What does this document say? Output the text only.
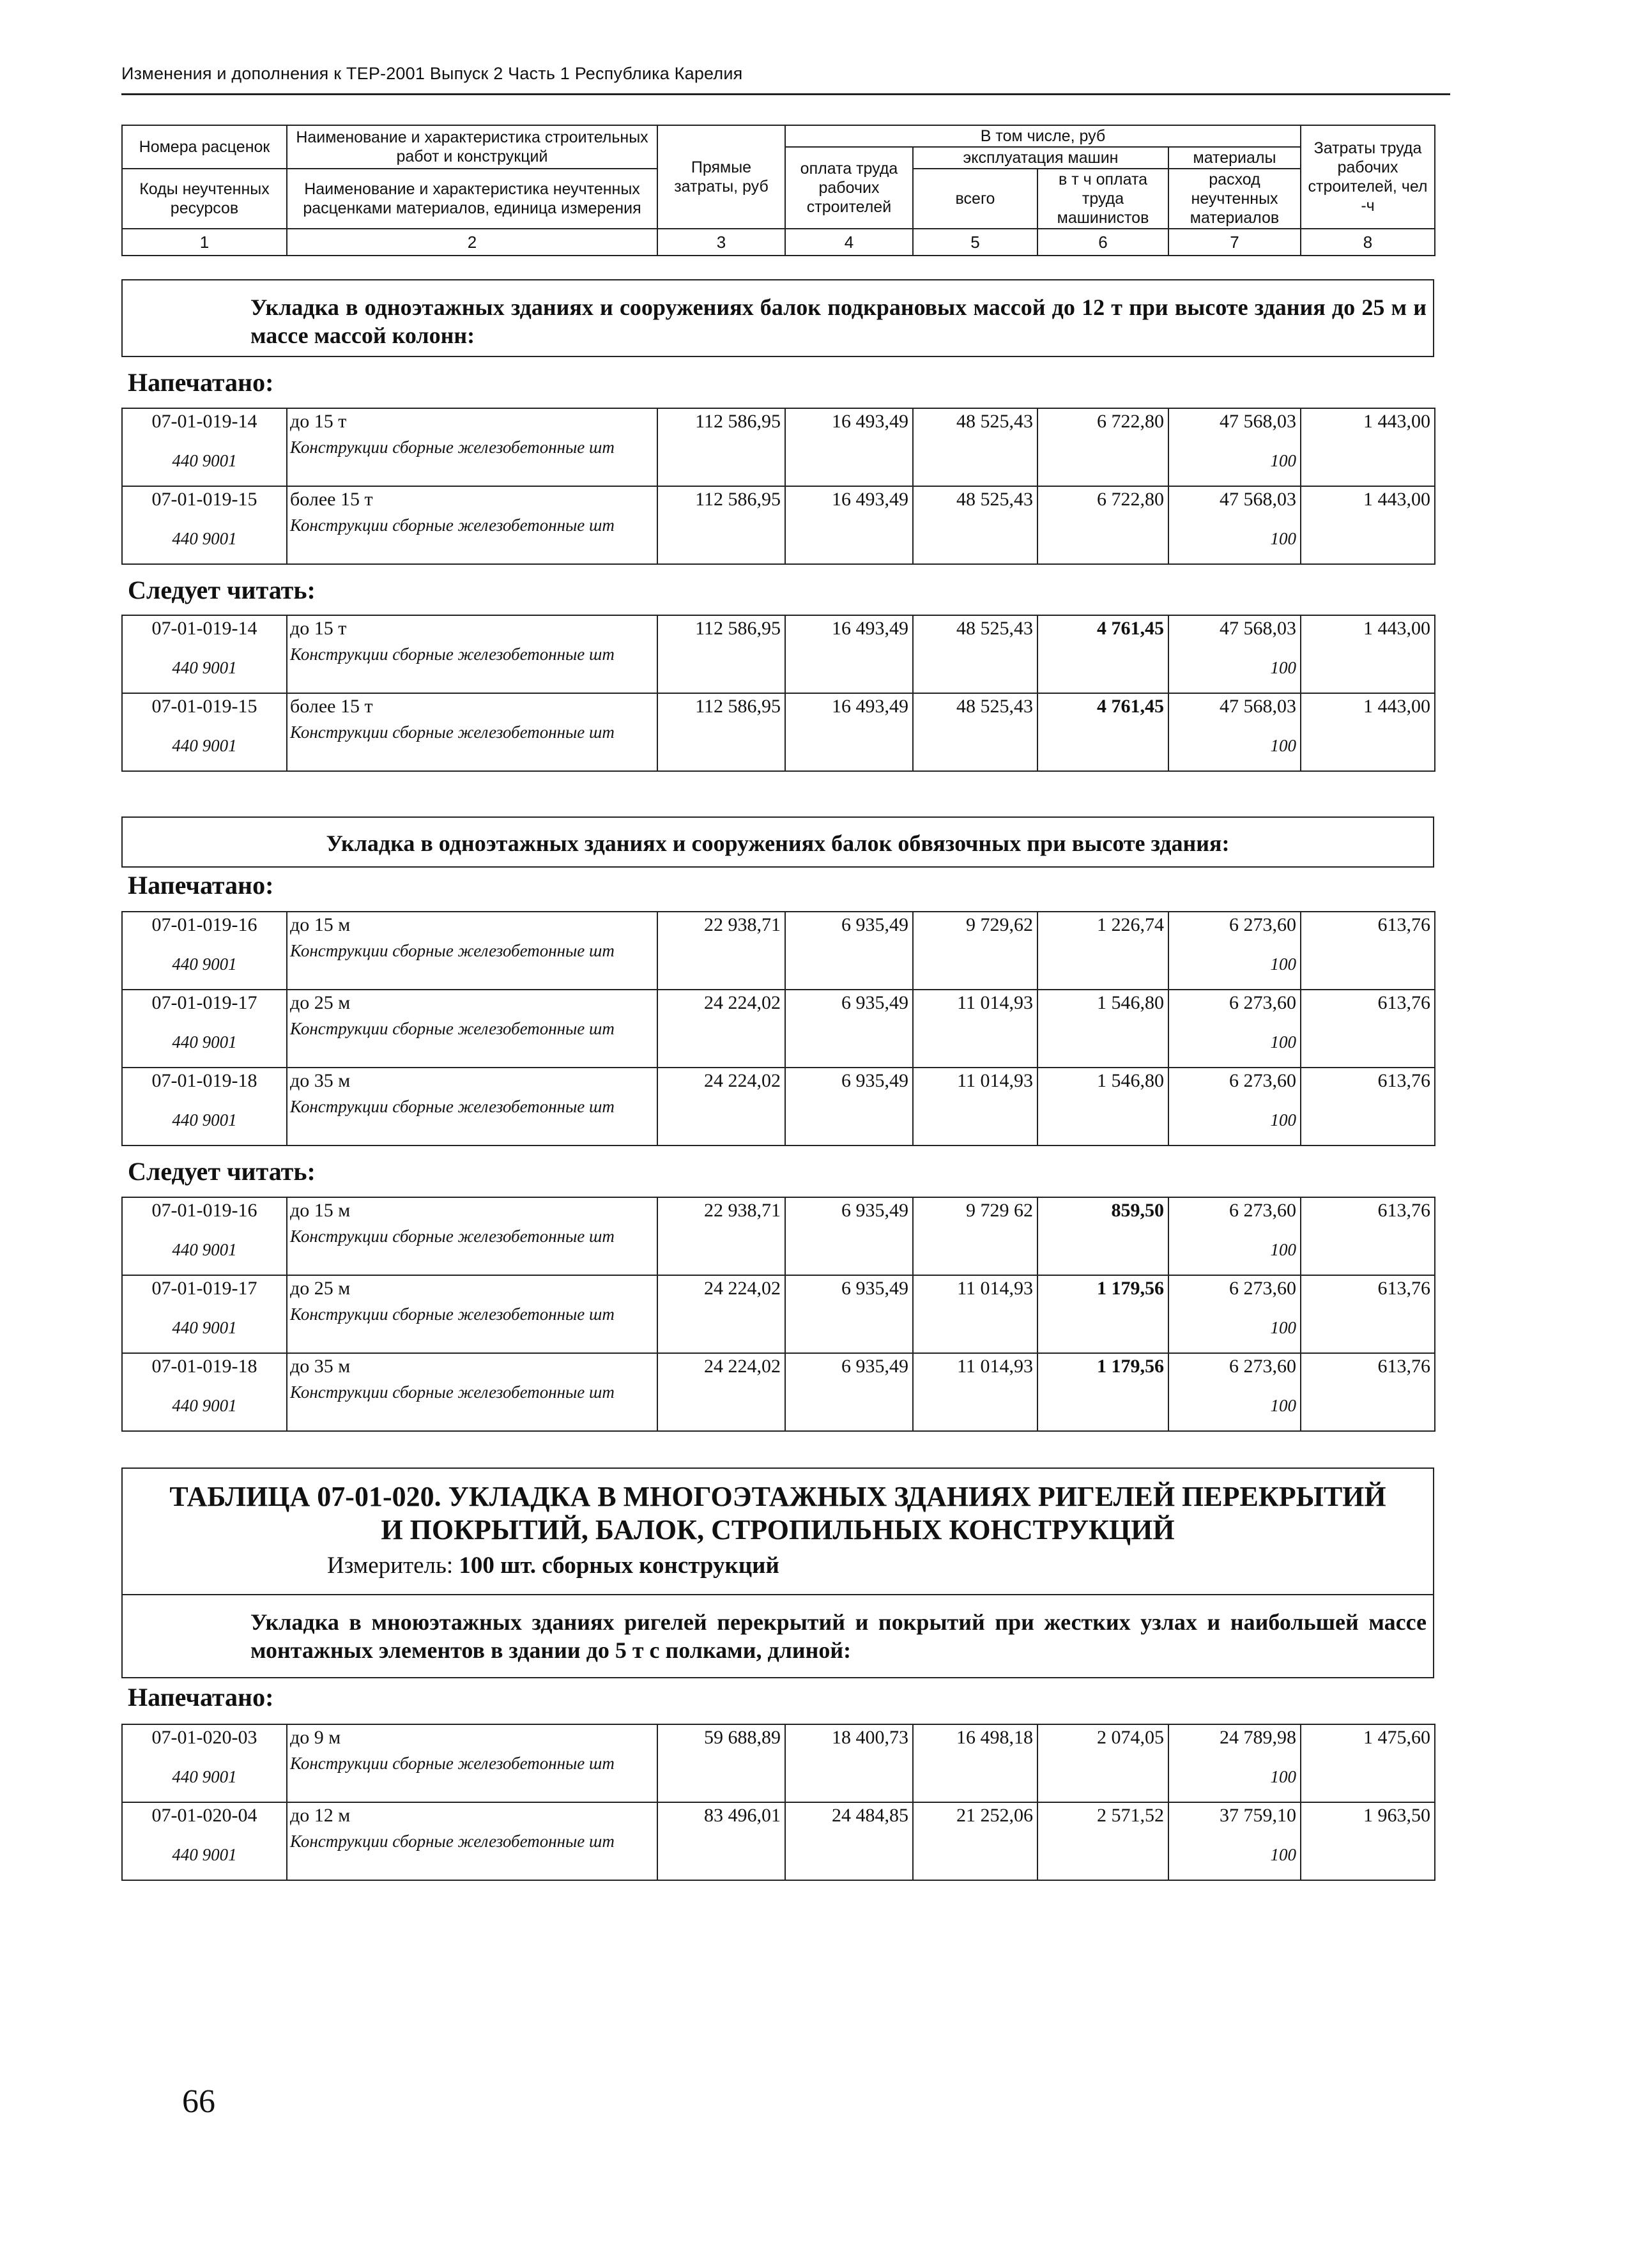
Изменения и дополнения к ТЕР-2001 Выпуск 2 Часть 1 Республика Карелия
Номера расценок	Наименование и характеристика строительных работ и конструкций	Прямые затраты, руб	В том числе, руб				Затраты труда рабочих строителей, чел -ч
			оплата труда рабочих строителей	эксплуатация машин		материалы	
Коды неучтенных ресурсов	Наименование и характеристика неучтенных расценками материалов, единица измерения			всего	в т ч оплата труда машинистов	расход неучтенных материалов	

1	2	3	4	5	6	7	8
Укладка в одноэтажных зданиях и сооружениях балок подкрановых массой до 12 т при высоте здания до 25 м и массе массой колонн:
Напечатано:
07-01-019-14	до 15 т	112 586,95	16 493,49	48 525,43	6 722,80	47 568,03	1 443,00
440 9001	Конструкции сборные железобетонные шт					100	
07-01-019-15	более 15 т	112 586,95	16 493,49	48 525,43	6 722,80	47 568,03	1 443,00
440 9001	Конструкции сборные железобетонные шт					100	
Следует читать:
07-01-019-14	до 15 т	112 586,95	16 493,49	48 525,43	4 761,45	47 568,03	1 443,00
440 9001	Конструкции сборные железобетонные шт					100	
07-01-019-15	более 15 т	112 586,95	16 493,49	48 525,43	4 761,45	47 568,03	1 443,00
440 9001	Конструкции сборные железобетонные шт					100	
Укладка в одноэтажных зданиях и сооружениях балок обвязочных при высоте здания:
Напечатано:
07-01-019-16	до 15 м	22 938,71	6 935,49	9 729,62	1 226,74	6 273,60	613,76
440 9001	Конструкции сборные железобетонные шт					100	
07-01-019-17	до 25 м	24 224,02	6 935,49	11 014,93	1 546,80	6 273,60	613,76
440 9001	Конструкции сборные железобетонные шт					100	
07-01-019-18	до 35 м	24 224,02	6 935,49	11 014,93	1 546,80	6 273,60	613,76
440 9001	Конструкции сборные железобетонные шт					100	
Следует читать:
07-01-019-16	до 15 м	22 938,71	6 935,49	9 729 62	859,50	6 273,60	613,76
440 9001	Конструкции сборные железобетонные шт					100	
07-01-019-17	до 25 м	24 224,02	6 935,49	11 014,93	1 179,56	6 273,60	613,76
440 9001	Конструкции сборные железобетонные шт					100	
07-01-019-18	до 35 м	24 224,02	6 935,49	11 014,93	1 179,56	6 273,60	613,76
440 9001	Конструкции сборные железобетонные шт					100	
ТАБЛИЦА 07-01-020. УКЛАДКА В МНОГОЭТАЖНЫХ ЗДАНИЯХ РИГЕЛЕЙ ПЕРЕКРЫТИЙ
И ПОКРЫТИЙ, БАЛОК, СТРОПИЛЬНЫХ КОНСТРУКЦИЙ
Измеритель: 100 шт. сборных конструкций
Укладка в мноюэтажных зданиях ригелей перекрытий и покрытий при жестких узлах и наибольшей массе монтажных элементов в здании до 5 т с полками, длиной:
Напечатано:
07-01-020-03	до 9 м	59 688,89	18 400,73	16 498,18	2 074,05	24 789,98	1 475,60
440 9001	Конструкции сборные железобетонные шт					100	
07-01-020-04	до 12 м	83 496,01	24 484,85	21 252,06	2 571,52	37 759,10	1 963,50
440 9001	Конструкции сборные железобетонные шт					100	
66
